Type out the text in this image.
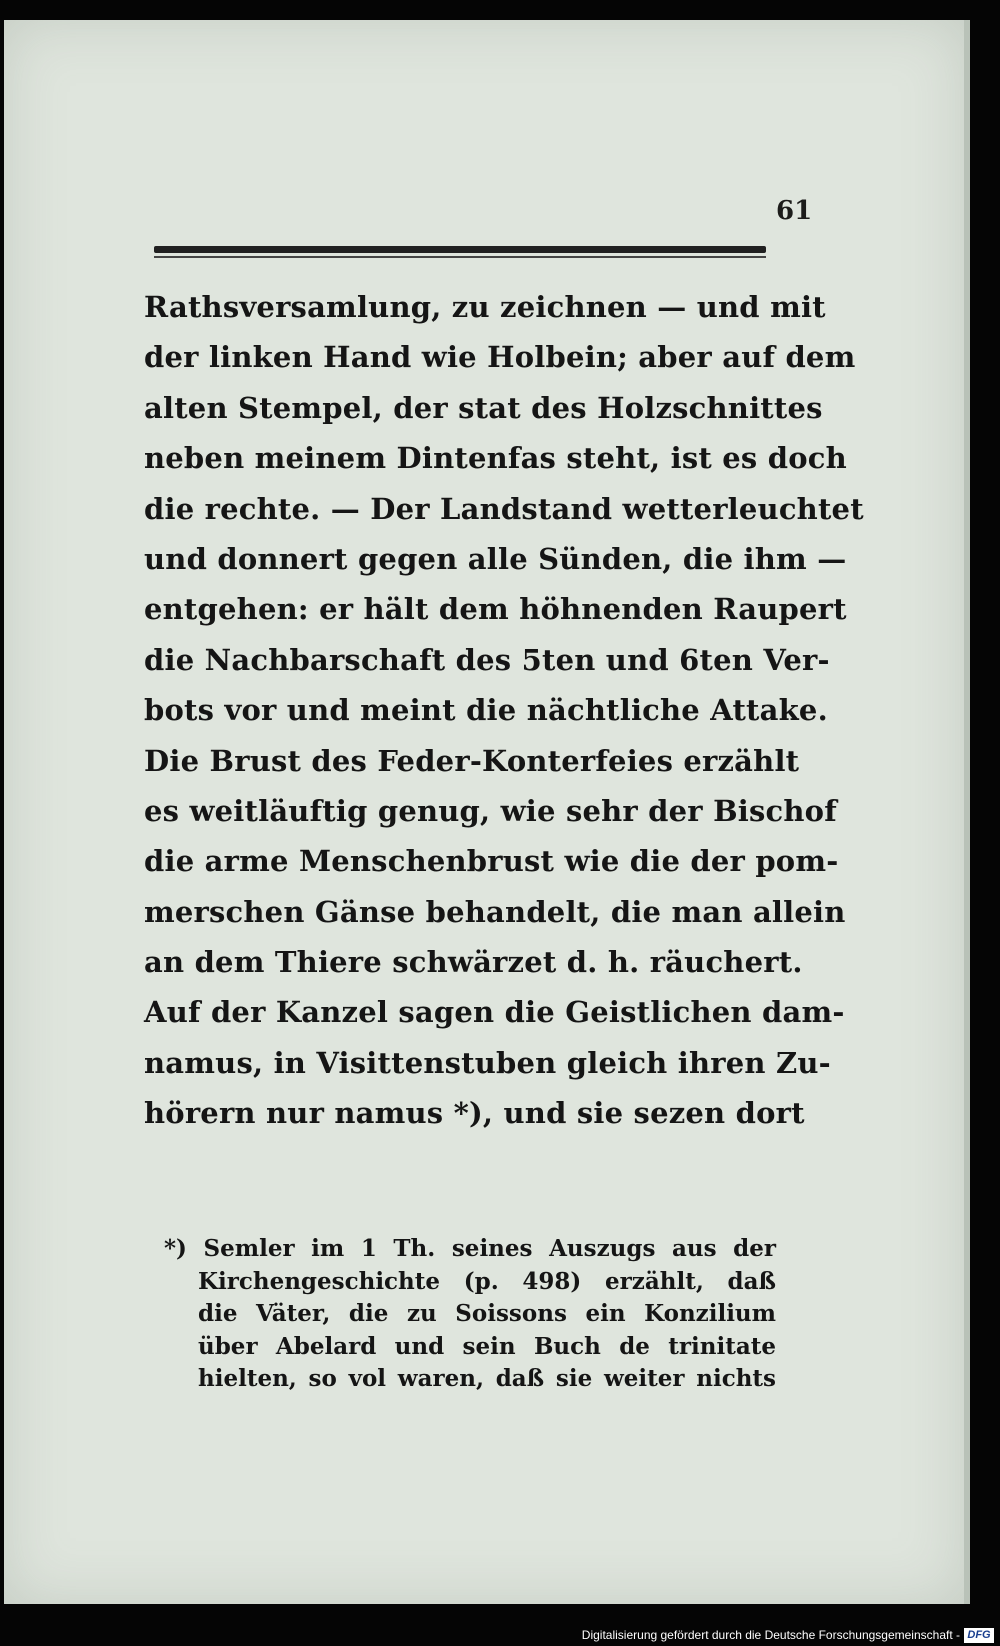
61
Rathsversamlung, zu zeichnen — und mit
der linken Hand wie Holbein; aber auf dem
alten Stempel, der stat des Holzschnittes
neben meinem Dintenfas steht, ist es doch
die rechte. — Der Landstand wetterleuchtet
und donnert gegen alle Sünden, die ihm —
entgehen: er hält dem höhnenden Raupert
die Nachbarschaft des 5ten und 6ten Ver-
bots vor und meint die nächtliche Attake.
Die Brust des Feder-Konterfeies erzählt
es weitläuftig genug, wie sehr der Bischof
die arme Menschenbrust wie die der pom-
merschen Gänse behandelt, die man allein
an dem Thiere schwärzet d. h. räuchert.
Auf der Kanzel sagen die Geistlichen dam-
namus, in Visittenstuben gleich ihren Zu-
hörern nur namus *), und sie sezen dort
*) Semler im 1 Th. seines Auszugs aus der
Kirchengeschichte (p. 498) erzählt, daß
die Väter, die zu Soissons ein Konzilium
über Abelard und sein Buch de trinitate
hielten, so vol waren, daß sie weiter nichts
Digitalisierung gefördert durch die Deutsche Forschungsgemeinschaft - DFG
